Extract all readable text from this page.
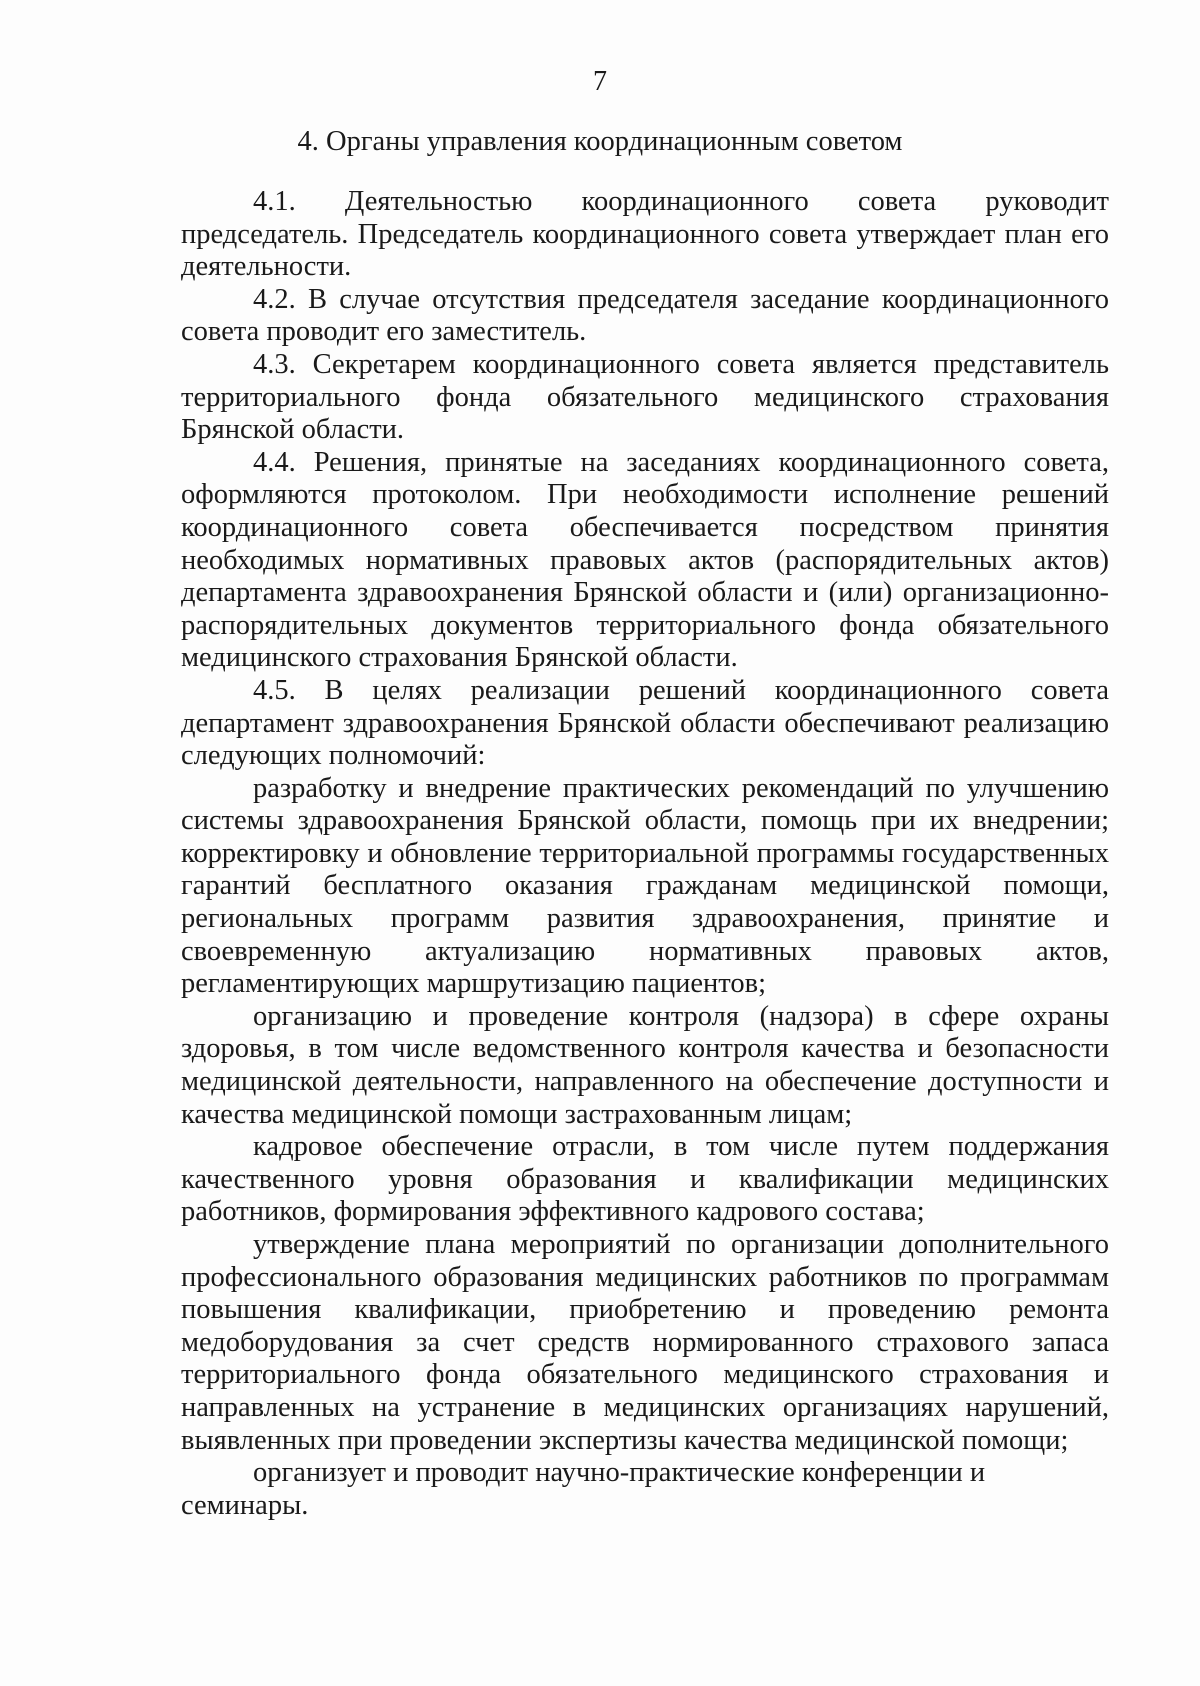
7
4. Органы управления координационным советом

4.1. Деятельностью координационного совета руководит председатель. Председатель координационного совета утверждает план его деятельности.

4.2. В случае отсутствия председателя заседание координационного совета проводит его заместитель.

4.3. Секретарем координационного совета является представитель территориального фонда обязательного медицинского страхования Брянской области.

4.4. Решения, принятые на заседаниях координационного совета, оформляются протоколом. При необходимости исполнение решений координационного совета обеспечивается посредством принятия необходимых нормативных правовых актов (распорядительных актов) департамента здравоохранения Брянской области и (или) организационно-распорядительных документов территориального фонда обязательного медицинского страхования Брянской области.

4.5. В целях реализации решений координационного совета департамент здравоохранения Брянской области обеспечивают реализацию следующих полномочий:

разработку и внедрение практических рекомендаций по улучшению системы здравоохранения Брянской области, помощь при их внедрении; корректировку и обновление территориальной программы государственных гарантий бесплатного оказания гражданам медицинской помощи, региональных программ развития здравоохранения, принятие и своевременную актуализацию нормативных правовых актов, регламентирующих маршрутизацию пациентов;

организацию и проведение контроля (надзора) в сфере охраны здоровья, в том числе ведомственного контроля качества и безопасности медицинской деятельности, направленного на обеспечение доступности и качества медицинской помощи застрахованным лицам;

кадровое обеспечение отрасли, в том числе путем поддержания качественного уровня образования и квалификации медицинских работников, формирования эффективного кадрового состава;

утверждение плана мероприятий по организации дополнительного профессионального образования медицинских работников по программам повышения квалификации, приобретению и проведению ремонта медоборудования за счет средств нормированного страхового запаса территориального фонда обязательного медицинского страхования и направленных на устранение в медицинских организациях нарушений, выявленных при проведении экспертизы качества медицинской помощи;

организует и проводит научно-практические конференции и семинары.
